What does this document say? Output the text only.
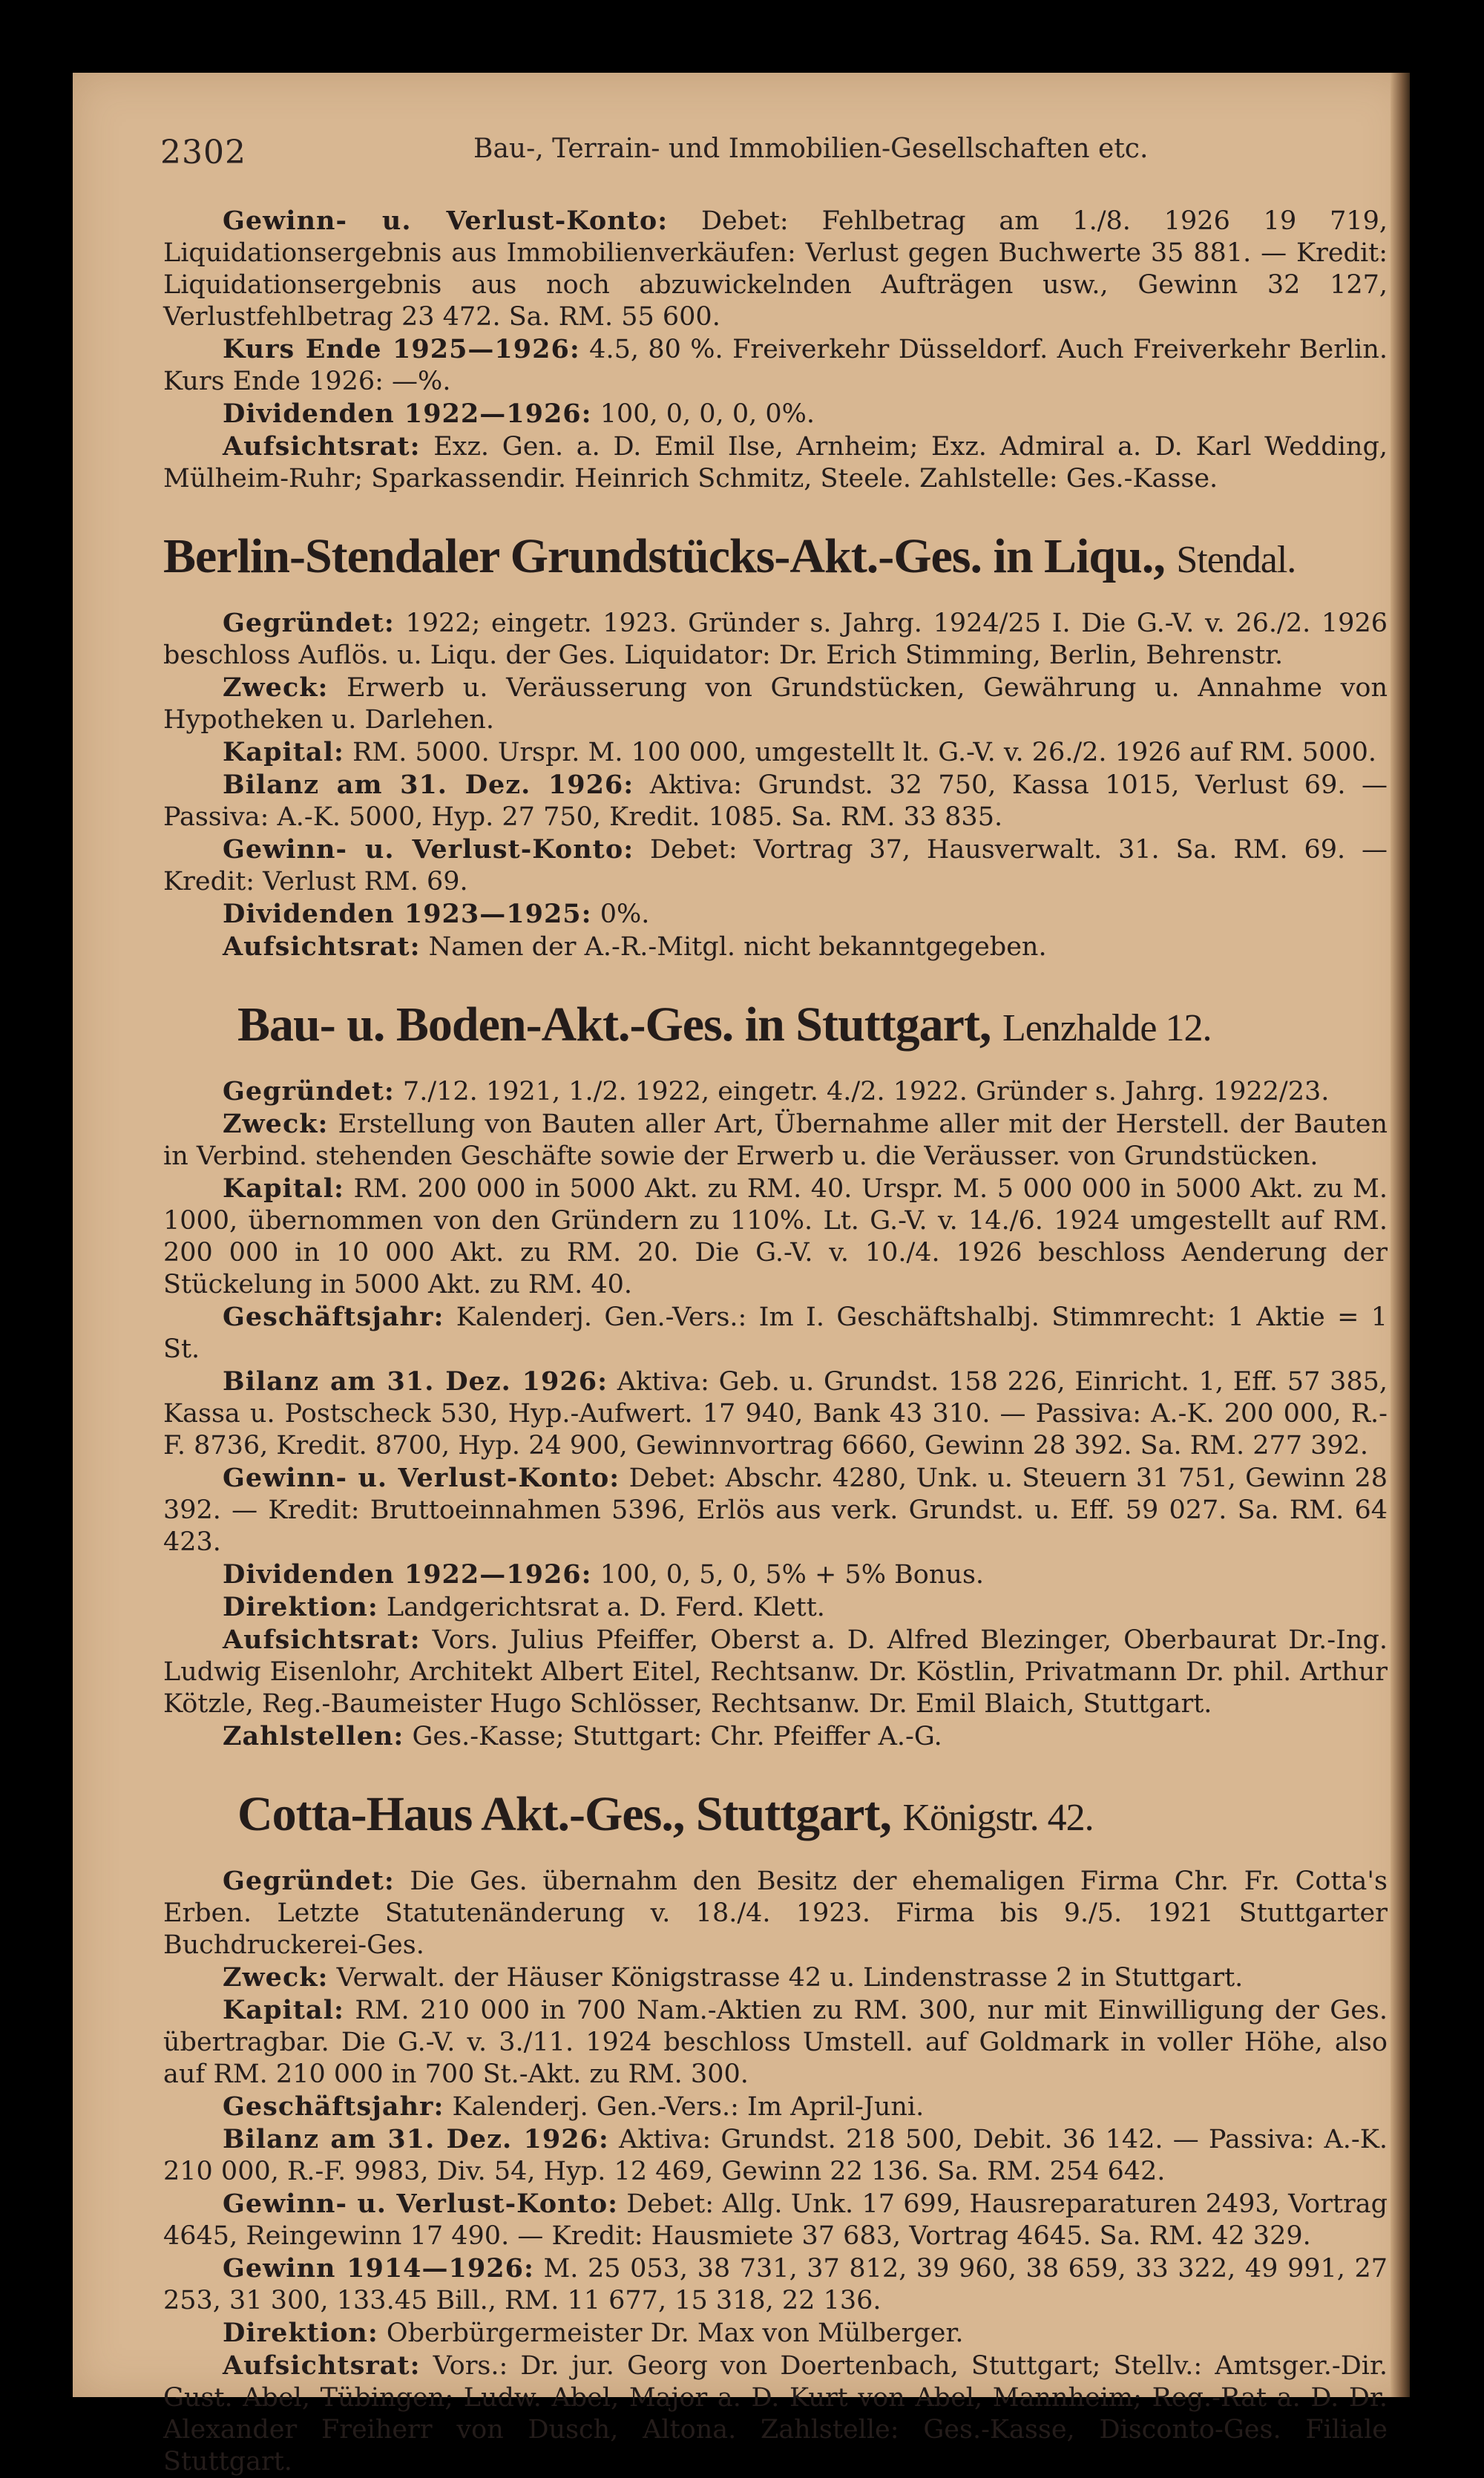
2302	Bau-, Terrain- und Immobilien-Gesellschaften etc.

Gewinn- u. Verlust-Konto: Debet: Fehlbetrag am 1./8. 1926 19 719, Liquidationsergebnis aus Immobilienverkäufen: Verlust gegen Buchwerte 35 881. — Kredit: Liquidationsergebnis aus noch abzuwickelnden Aufträgen usw., Gewinn 32 127, Verlustfehlbetrag 23 472. Sa. RM. 55 600.

Kurs Ende 1925—1926: 4.5, 80 %. Freiverkehr Düsseldorf. Auch Freiverkehr Berlin. Kurs Ende 1926: —%.

Dividenden 1922—1926: 100, 0, 0, 0, 0%.

Aufsichtsrat: Exz. Gen. a. D. Emil Ilse, Arnheim; Exz. Admiral a. D. Karl Wedding, Mülheim-Ruhr; Sparkassendir. Heinrich Schmitz, Steele. Zahlstelle: Ges.-Kasse.

Berlin-Stendaler Grundstücks-Akt.-Ges. in Liqu., Stendal.

Gegründet: 1922; eingetr. 1923. Gründer s. Jahrg. 1924/25 I. Die G.-V. v. 26./2. 1926 beschloss Auflös. u. Liqu. der Ges. Liquidator: Dr. Erich Stimming, Berlin, Behrenstr.

Zweck: Erwerb u. Veräusserung von Grundstücken, Gewährung u. Annahme von Hypotheken u. Darlehen.

Kapital: RM. 5000. Urspr. M. 100 000, umgestellt lt. G.-V. v. 26./2. 1926 auf RM. 5000.

Bilanz am 31. Dez. 1926: Aktiva: Grundst. 32 750, Kassa 1015, Verlust 69. — Passiva: A.-K. 5000, Hyp. 27 750, Kredit. 1085. Sa. RM. 33 835.

Gewinn- u. Verlust-Konto: Debet: Vortrag 37, Hausverwalt. 31. Sa. RM. 69. — Kredit: Verlust RM. 69.

Dividenden 1923—1925: 0%.

Aufsichtsrat: Namen der A.-R.-Mitgl. nicht bekanntgegeben.

Bau- u. Boden-Akt.-Ges. in Stuttgart, Lenzhalde 12.

Gegründet: 7./12. 1921, 1./2. 1922, eingetr. 4./2. 1922. Gründer s. Jahrg. 1922/23.

Zweck: Erstellung von Bauten aller Art, Übernahme aller mit der Herstell. der Bauten in Verbind. stehenden Geschäfte sowie der Erwerb u. die Veräusser. von Grundstücken.

Kapital: RM. 200 000 in 5000 Akt. zu RM. 40. Urspr. M. 5 000 000 in 5000 Akt. zu M. 1000, übernommen von den Gründern zu 110%. Lt. G.-V. v. 14./6. 1924 umgestellt auf RM. 200 000 in 10 000 Akt. zu RM. 20. Die G.-V. v. 10./4. 1926 beschloss Aenderung der Stückelung in 5000 Akt. zu RM. 40.

Geschäftsjahr: Kalenderj. Gen.-Vers.: Im I. Geschäftshalbj. Stimmrecht: 1 Aktie = 1 St.

Bilanz am 31. Dez. 1926: Aktiva: Geb. u. Grundst. 158 226, Einricht. 1, Eff. 57 385, Kassa u. Postscheck 530, Hyp.-Aufwert. 17 940, Bank 43 310. — Passiva: A.-K. 200 000, R.-F. 8736, Kredit. 8700, Hyp. 24 900, Gewinnvortrag 6660, Gewinn 28 392. Sa. RM. 277 392.

Gewinn- u. Verlust-Konto: Debet: Abschr. 4280, Unk. u. Steuern 31 751, Gewinn 28 392. — Kredit: Bruttoeinnahmen 5396, Erlös aus verk. Grundst. u. Eff. 59 027. Sa. RM. 64 423.

Dividenden 1922—1926: 100, 0, 5, 0, 5% + 5% Bonus.

Direktion: Landgerichtsrat a. D. Ferd. Klett.

Aufsichtsrat: Vors. Julius Pfeiffer, Oberst a. D. Alfred Blezinger, Oberbaurat Dr.-Ing. Ludwig Eisenlohr, Architekt Albert Eitel, Rechtsanw. Dr. Köstlin, Privatmann Dr. phil. Arthur Kötzle, Reg.-Baumeister Hugo Schlösser, Rechtsanw. Dr. Emil Blaich, Stuttgart.

Zahlstellen: Ges.-Kasse; Stuttgart: Chr. Pfeiffer A.-G.

Cotta-Haus Akt.-Ges., Stuttgart, Königstr. 42.

Gegründet: Die Ges. übernahm den Besitz der ehemaligen Firma Chr. Fr. Cotta's Erben. Letzte Statutenänderung v. 18./4. 1923. Firma bis 9./5. 1921 Stuttgarter Buchdruckerei-Ges.

Zweck: Verwalt. der Häuser Königstrasse 42 u. Lindenstrasse 2 in Stuttgart.

Kapital: RM. 210 000 in 700 Nam.-Aktien zu RM. 300, nur mit Einwilligung der Ges. übertragbar. Die G.-V. v. 3./11. 1924 beschloss Umstell. auf Goldmark in voller Höhe, also auf RM. 210 000 in 700 St.-Akt. zu RM. 300.

Geschäftsjahr: Kalenderj. Gen.-Vers.: Im April-Juni.

Bilanz am 31. Dez. 1926: Aktiva: Grundst. 218 500, Debit. 36 142. — Passiva: A.-K. 210 000, R.-F. 9983, Div. 54, Hyp. 12 469, Gewinn 22 136. Sa. RM. 254 642.

Gewinn- u. Verlust-Konto: Debet: Allg. Unk. 17 699, Hausreparaturen 2493, Vortrag 4645, Reingewinn 17 490. — Kredit: Hausmiete 37 683, Vortrag 4645. Sa. RM. 42 329.

Gewinn 1914—1926: M. 25 053, 38 731, 37 812, 39 960, 38 659, 33 322, 49 991, 27 253, 31 300, 133.45 Bill., RM. 11 677, 15 318, 22 136.

Direktion: Oberbürgermeister Dr. Max von Mülberger.

Aufsichtsrat: Vors.: Dr. jur. Georg von Doertenbach, Stuttgart; Stellv.: Amtsger.-Dir. Gust. Abel, Tübingen; Ludw. Abel, Major a. D. Kurt von Abel, Mannheim; Reg.-Rat a. D. Dr. Alexander Freiherr von Dusch, Altona. Zahlstelle: Ges.-Kasse, Disconto-Ges. Filiale Stuttgart.
